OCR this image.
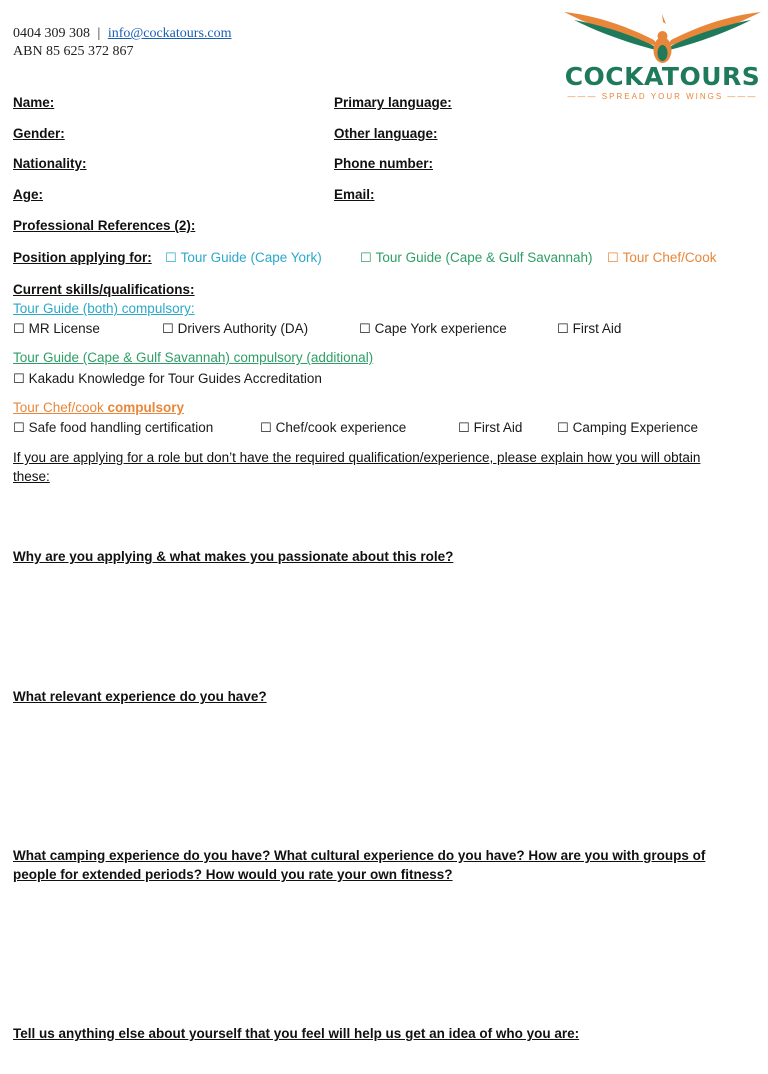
0404 309 308 | info@cockatours.com
ABN 85 625 372 867
COCKATOURS
——— SPREAD YOUR WINGS ———
Name:	Primary language:
Gender:	Other language:
Nationality:	Phone number:
Age:	Email:
Professional References (2):
Position applying for: ☐ Tour Guide (Cape York)	☐ Tour Guide (Cape & Gulf Savannah) ☐ Tour Chef/Cook
Current skills/qualifications:
Tour Guide (both) compulsory:
☐ MR License	☐ Drivers Authority (DA)	☐ Cape York experience	☐ First Aid
Tour Guide (Cape & Gulf Savannah) compulsory (additional)
☐ Kakadu Knowledge for Tour Guides Accreditation
Tour Chef/cook compulsory
☐ Safe food handling certification	☐ Chef/cook experience	☐ First Aid	☐ Camping Experience
If you are applying for a role but don’t have the required qualification/experience, please explain how you will obtain these:
Why are you applying & what makes you passionate about this role?
What relevant experience do you have?
What camping experience do you have? What cultural experience do you have? How are you with groups of people for extended periods? How would you rate your own fitness?
Tell us anything else about yourself that you feel will help us get an idea of who you are:
